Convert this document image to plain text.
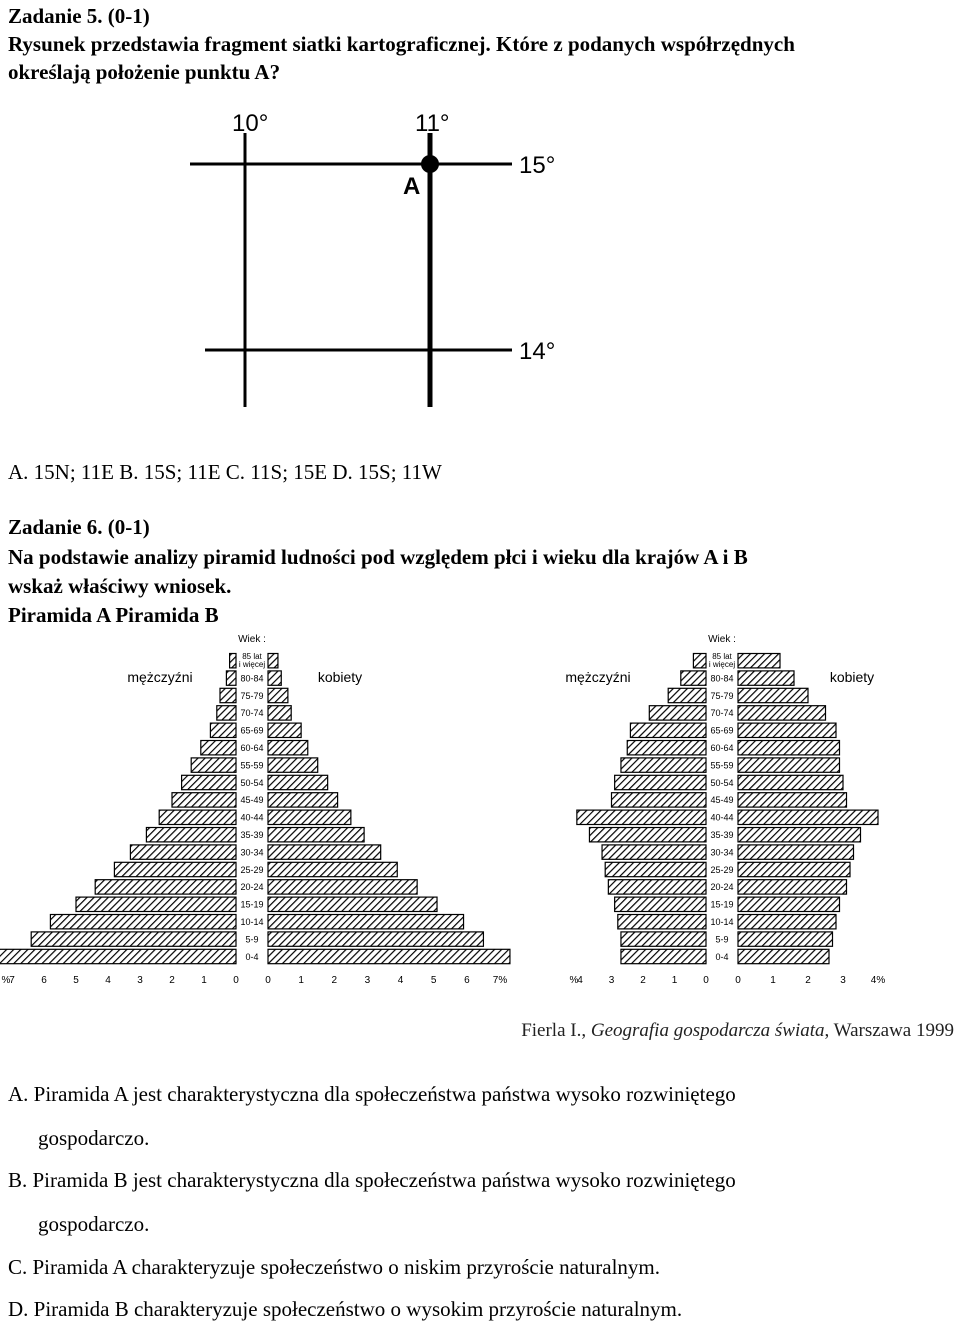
Zadanie 5. (0-1)
Rysunek przedstawia fragment siatki kartograficznej. Które z podanych współrzędnych
określają położenie punktu A?
10°	11°
15°
14°
A
A. 15N; 11E B. 15S; 11E C. 11S; 15E D. 15S; 11W
Zadanie 6. (0-1)
Na podstawie analizy piramid ludności pod względem płci i wieku dla krajów A i B
wskaż właściwy wniosek.
Piramida A Piramida B
Wiek :
mężczyźni	kobiety
85 lat
i więcej
80-84
75-79
70-74
65-69
60-64
55-59
50-54
45-49
40-44
35-39
30-34
25-29
20-24
15-19
10-14
5-9
0-4
%
7	6	5	4	3	2	1	0	0	1	2	3	4	5	6 7%
Wiek :
mężczyźni	kobiety
85 lat
i więcej
80-84
75-79
70-74
65-69
60-64
55-59
50-54
45-49
40-44
35-39
30-34
25-29
20-24
15-19
10-14
5-9
0-4
%
4	3	2	1	0	0	1	2	3 4%
Fierla I., Geografia gospodarcza świata, Warszawa 1999
A. Piramida A jest charakterystyczna dla społeczeństwa państwa wysoko rozwiniętego
gospodarczo.
B. Piramida B jest charakterystyczna dla społeczeństwa państwa wysoko rozwiniętego
gospodarczo.
C. Piramida A charakteryzuje społeczeństwo o niskim przyroście naturalnym.
D. Piramida B charakteryzuje społeczeństwo o wysokim przyroście naturalnym.
